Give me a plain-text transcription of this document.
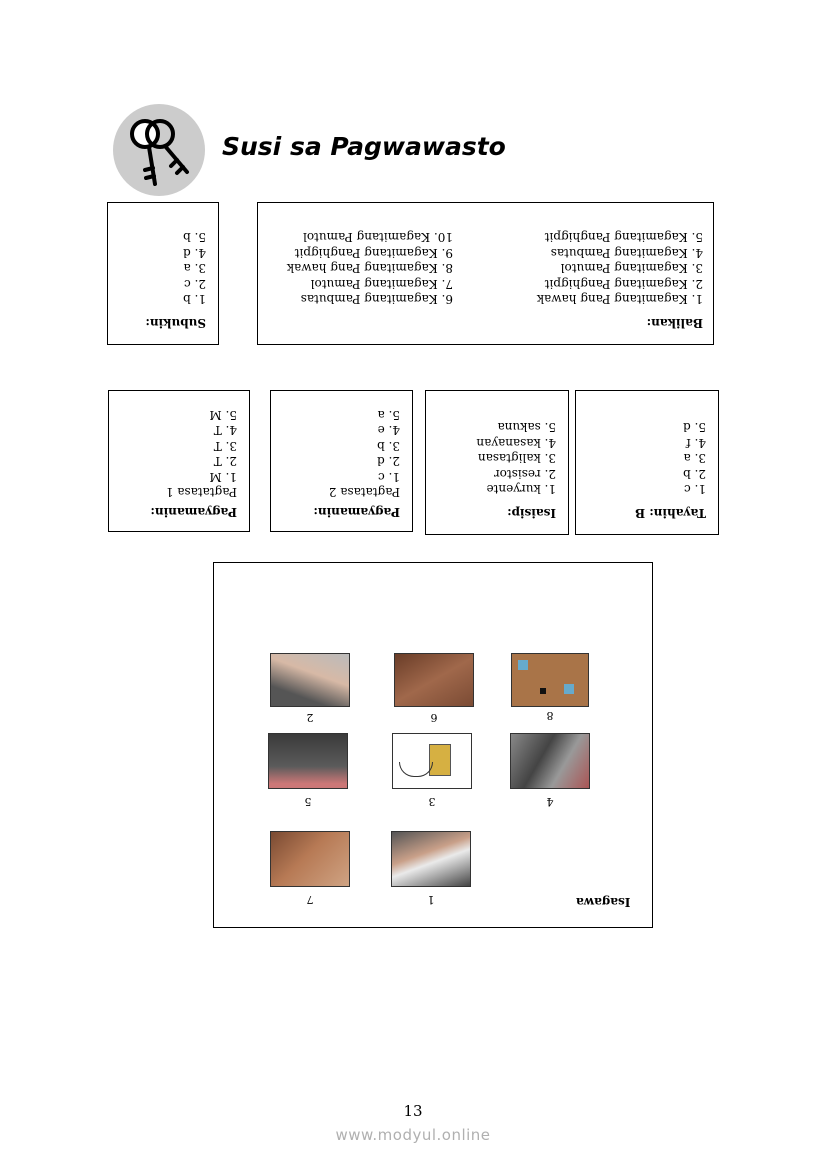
Susi sa Pagwawasto

Subukin:

1. b

2. c

3. a

4. d

5. b

Balikan:

1. Kagamitang Pang hawak

2. Kagamitang Panghigpit

3. Kagamitang Pamutol

4. Kagamitang Pambutas

5. Kagamitang Panghigpit

6. Kagamitang Pambutas

7. Kagamitang Pamutol

8. Kagamitang Pang hawak

9. Kagamitang Panghigpit

10. Kagamitang Pamutol

Pagyamanin:

Pagtatasa 1

1. M

2. T

3. T

4. T

5. M

Pagyamanin:

Pagtatasa 2

1. c

2. d

3. b

4. e

5. a

Isaisip:

1. kuryente

2. resistor

3. kaligtasan

4. kasanayan

5. sakuna

Tayahin: B

1. c

2. b

3. a

4. f

5. d

Isagawa
7	1
5	3	4
2	6	8
13
www.modyul.online
